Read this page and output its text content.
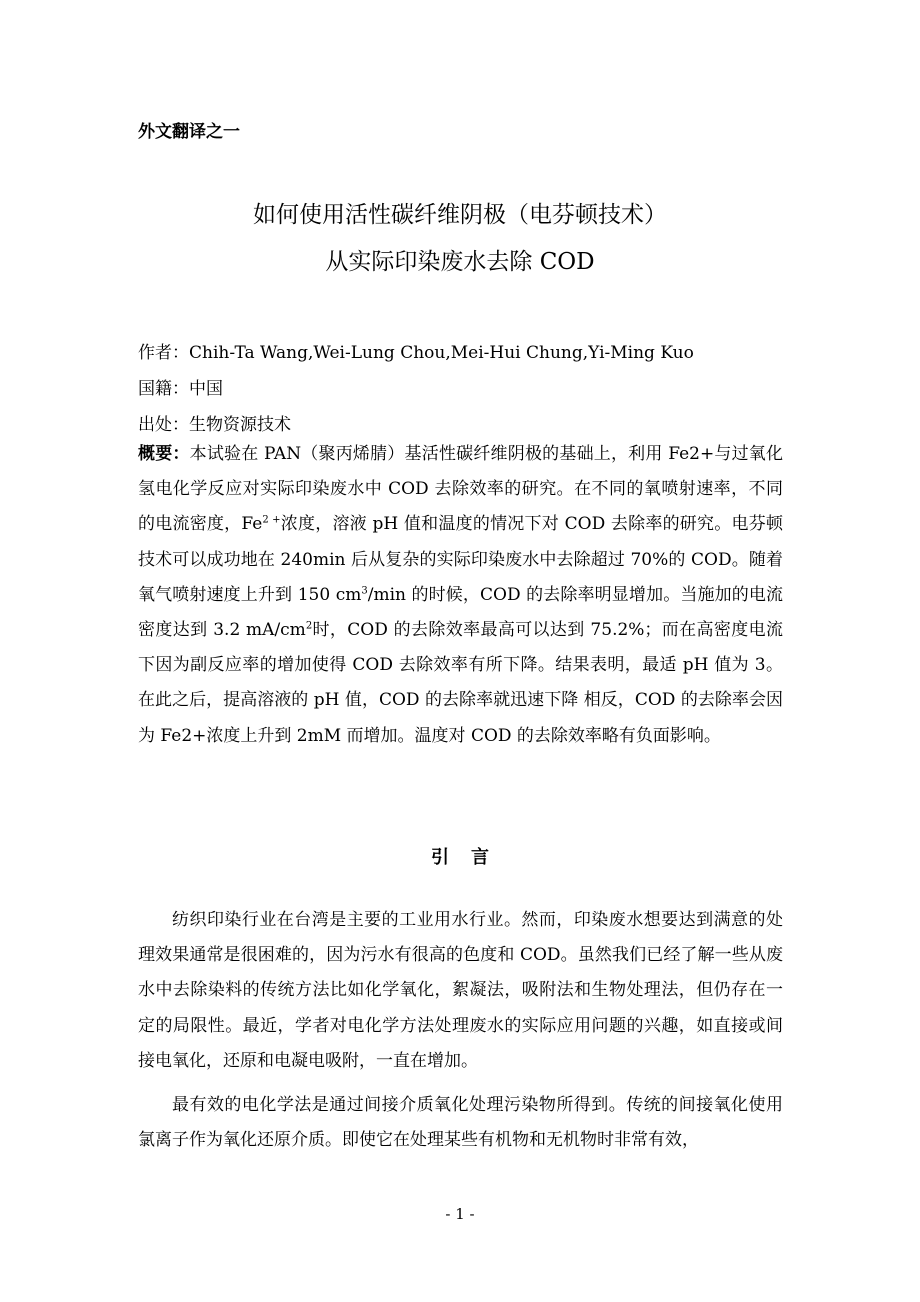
外文翻译之一
如何使用活性碳纤维阴极（电芬顿技术）
从实际印染废水去除 COD
作者：Chih-Ta Wang,Wei-Lung Chou,Mei-Hui Chung,Yi-Ming Kuo
国籍：中国
出处：生物资源技术
概要：本试验在 PAN（聚丙烯腈）基活性碳纤维阴极的基础上，利用 Fe2+与过氧化氢电化学反应对实际印染废水中 COD 去除效率的研究。在不同的氧喷射速率，不同的电流密度，$Fe^{2 +}$浓度，溶液 pH 值和温度的情况下对 COD 去除率的研究。电芬顿技术可以成功地在 240min 后从复杂的实际印染废水中去除超过 70%的 COD。随着氧气喷射速度上升到 150 $cm^3/\min$ 的时候，COD 的去除率明显增加。当施加的电流密度达到 3.2 $mA/cm^2$时，COD 的去除效率最高可以达到 75.2%；而在高密度电流下因为副反应率的增加使得 COD 去除效率有所下降。结果表明，最适 pH 值为 3。在此之后，提高溶液的 pH 值，COD 的去除率就迅速下降 相反，COD 的去除率会因为 Fe2+浓度上升到 2mM 而增加。温度对 COD 的去除效率略有负面影响。
引言
纺织印染行业在台湾是主要的工业用水行业。然而，印染废水想要达到满意的处理效果通常是很困难的，因为污水有很高的色度和 COD。虽然我们已经了解一些从废水中去除染料的传统方法比如化学氧化，絮凝法，吸附法和生物处理法，但仍存在一定的局限性。最近，学者对电化学方法处理废水的实际应用问题的兴趣，如直接或间接电氧化，还原和电凝电吸附，一直在增加。
最有效的电化学法是通过间接介质氧化处理污染物所得到。传统的间接氧化使用氯离子作为氧化还原介质。即使它在处理某些有机物和无机物时非常有效，
- 1 -
